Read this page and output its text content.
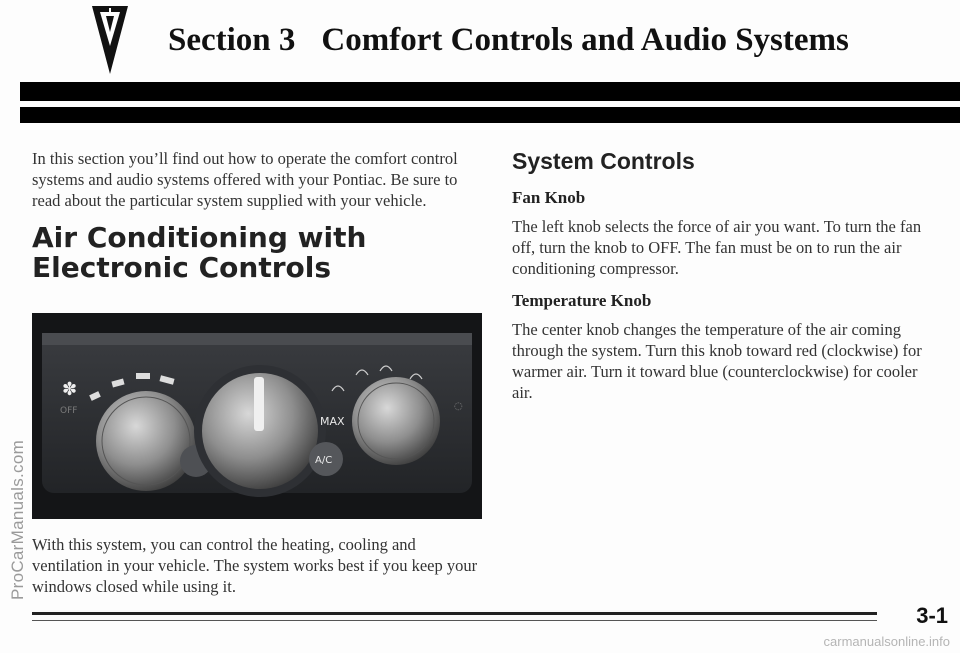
Section 3 Comfort Controls and Audio Systems

In this section you’ll find out how to operate the comfort control systems and audio systems offered with your Pontiac. Be sure to read about the particular system supplied with your vehicle.

Air Conditioning with Electronic Controls
✽
MAX
A/C
◌
OFF

With this system, you can control the heating, cooling and ventilation in your vehicle. The system works best if you keep your windows closed while using it.

System Controls
Fan Knob

The left knob selects the force of air you want. To turn the fan off, turn the knob to OFF. The fan must be on to run the air conditioning compressor.

Temperature Knob

The center knob changes the temperature of the air coming through the system. Turn this knob toward red (clockwise) for warmer air. Turn it toward blue (counterclockwise) for cooler air.

3-1
ProCarManuals.com
carmanualsonline.info
